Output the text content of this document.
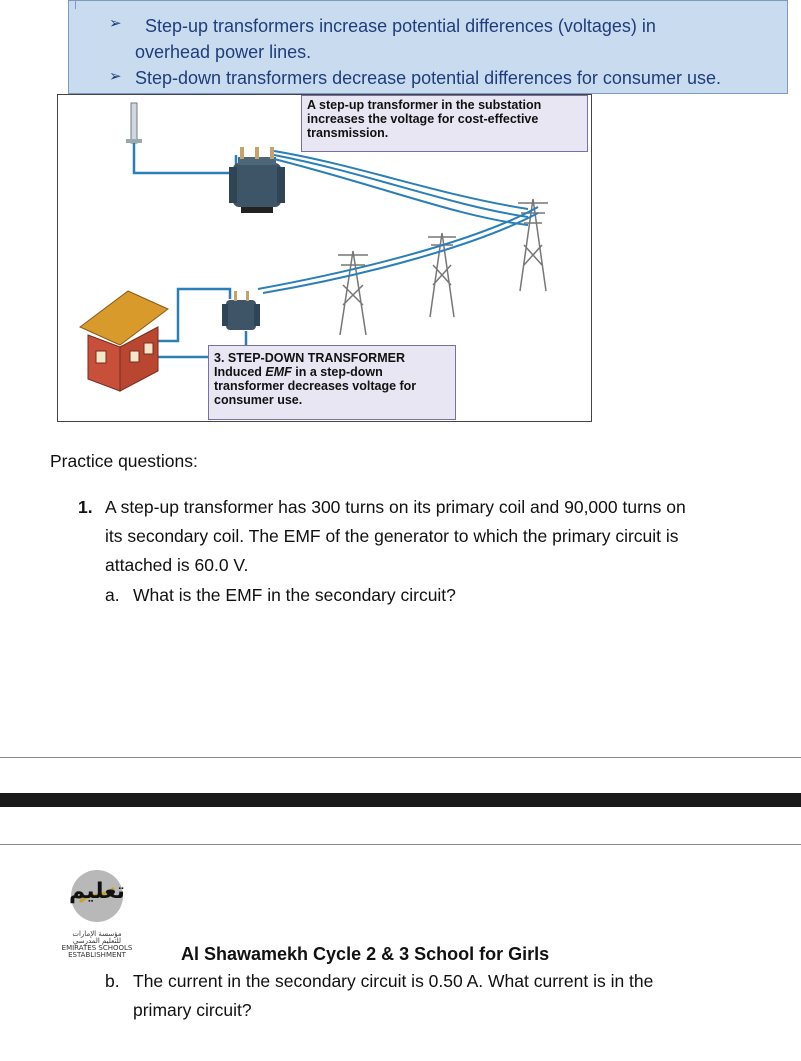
➢ Step-up transformers increase potential differences (voltages) in
overhead power lines.
➢ Step-down transformers decrease potential differences for consumer use.
A step-up transformer in the substation
increases the voltage for cost-effective
transmission.
3. STEP-DOWN TRANSFORMER
Induced EMF in a step-down
transformer decreases voltage for
consumer use.
Practice questions:
1. A step-up transformer has 300 turns on its primary coil and 90,000 turns on
its secondary coil. The EMF of the generator to which the primary circuit is
attached is 60.0 V.
a. What is the EMF in the secondary circuit?
تعليم
مؤسسة الإمارات
للتعليم المدرسي
EMIRATES SCHOOLS
ESTABLISHMENT	Al Shawamekh Cycle 2 & 3 School for Girls
b. The current in the secondary circuit is 0.50 A. What current is in the
primary circuit?
